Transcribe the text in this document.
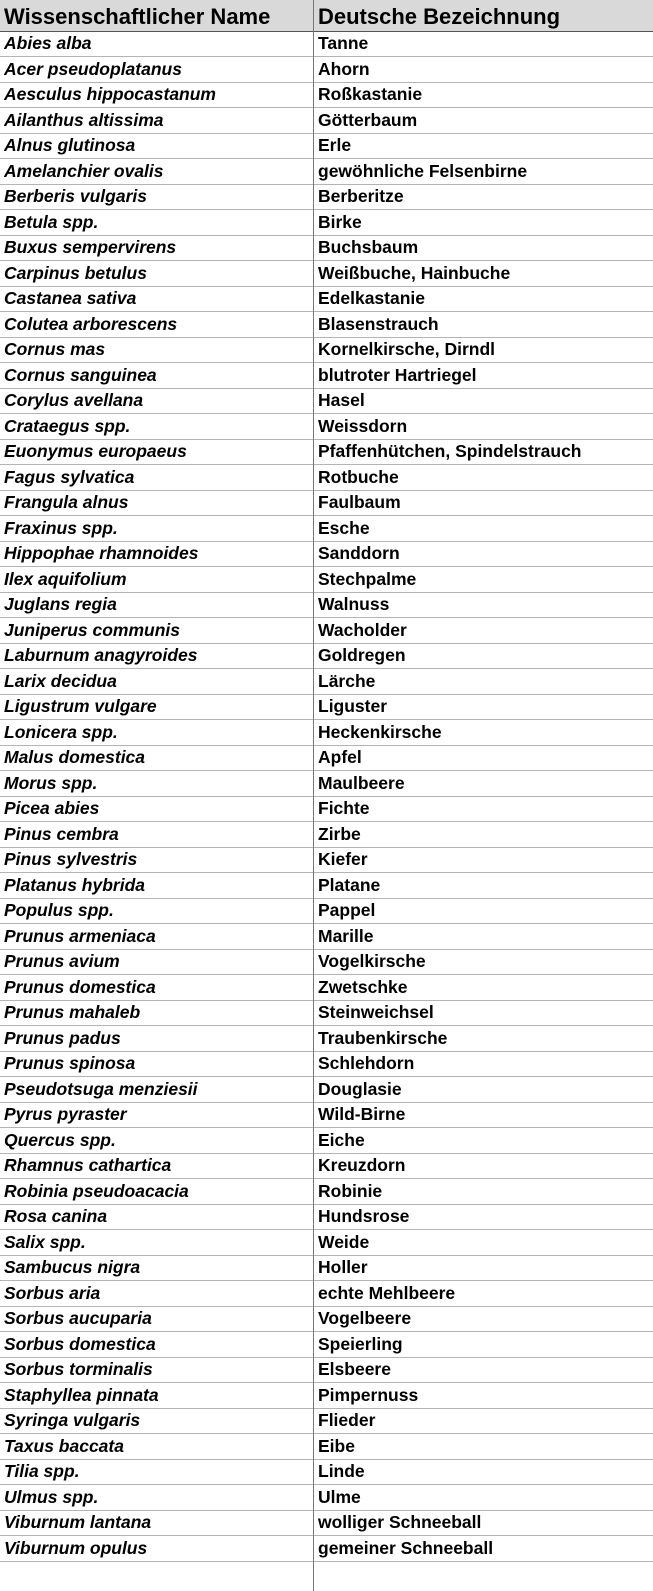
Wissenschaftlicher Name	Deutsche Bezeichnung
Abies alba	Tanne
Acer pseudoplatanus	Ahorn
Aesculus hippocastanum	Roßkastanie
Ailanthus altissima	Götterbaum
Alnus glutinosa	Erle
Amelanchier ovalis	gewöhnliche Felsenbirne
Berberis vulgaris	Berberitze
Betula spp.	Birke
Buxus sempervirens	Buchsbaum
Carpinus betulus	Weißbuche, Hainbuche
Castanea sativa	Edelkastanie
Colutea arborescens	Blasenstrauch
Cornus mas	Kornelkirsche, Dirndl
Cornus sanguinea	blutroter Hartriegel
Corylus avellana	Hasel
Crataegus spp.	Weissdorn
Euonymus europaeus	Pfaffenhütchen, Spindelstrauch
Fagus sylvatica	Rotbuche
Frangula alnus	Faulbaum
Fraxinus spp.	Esche
Hippophae rhamnoides	Sanddorn
Ilex aquifolium	Stechpalme
Juglans regia	Walnuss
Juniperus communis	Wacholder
Laburnum anagyroides	Goldregen
Larix decidua	Lärche
Ligustrum vulgare	Liguster
Lonicera spp.	Heckenkirsche
Malus domestica	Apfel
Morus spp.	Maulbeere
Picea abies	Fichte
Pinus cembra	Zirbe
Pinus sylvestris	Kiefer
Platanus hybrida	Platane
Populus spp.	Pappel
Prunus armeniaca	Marille
Prunus avium	Vogelkirsche
Prunus domestica	Zwetschke
Prunus mahaleb	Steinweichsel
Prunus padus	Traubenkirsche
Prunus spinosa	Schlehdorn
Pseudotsuga menziesii	Douglasie
Pyrus pyraster	Wild-Birne
Quercus spp.	Eiche
Rhamnus cathartica	Kreuzdorn
Robinia pseudoacacia	Robinie
Rosa canina	Hundsrose
Salix spp.	Weide
Sambucus nigra	Holler
Sorbus aria	echte Mehlbeere
Sorbus aucuparia	Vogelbeere
Sorbus domestica	Speierling
Sorbus torminalis	Elsbeere
Staphyllea pinnata	Pimpernuss
Syringa vulgaris	Flieder
Taxus baccata	Eibe
Tilia spp.	Linde
Ulmus spp.	Ulme
Viburnum lantana	wolliger Schneeball
Viburnum opulus	gemeiner Schneeball
